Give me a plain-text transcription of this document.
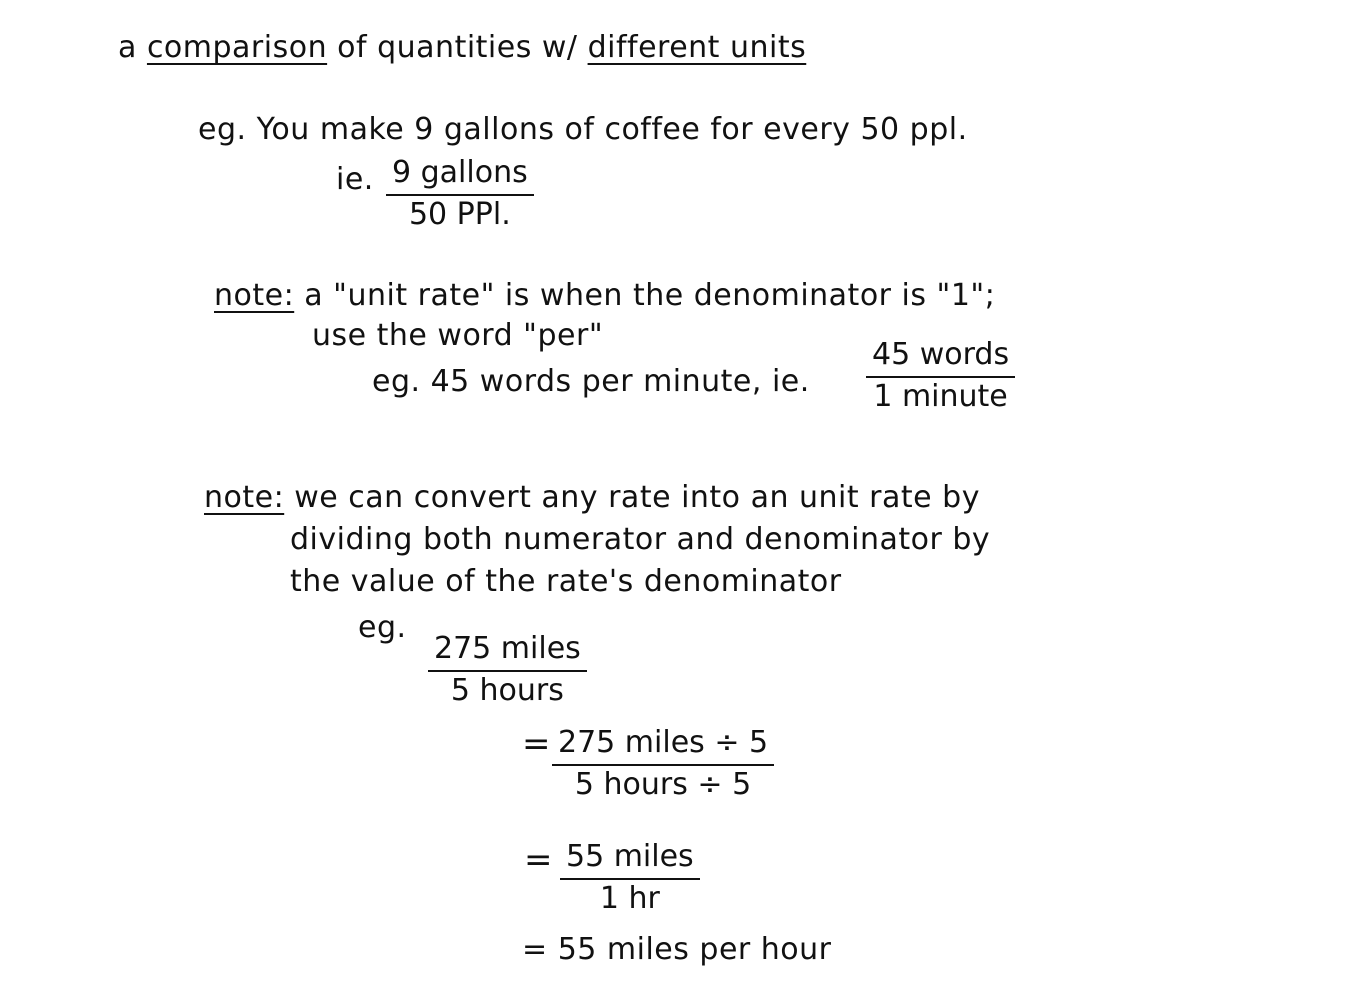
a comparison of quantities w/ different units
eg. You make 9 gallons of coffee for every 50 ppl.
ie. 9 gallons
50 PPl.
note: a "unit rate" is when the denominator is "1";
use the word "per"
eg. 45 words per minute, ie.
45 words
1 minute
note: we can convert any rate into an unit rate by
dividing both numerator and denominator by
the value of the rate's denominator
eg.
275 miles
5 hours
= 275 miles ÷ 5
5 hours ÷ 5
= 55 miles
1 hr
= 55 miles per hour
